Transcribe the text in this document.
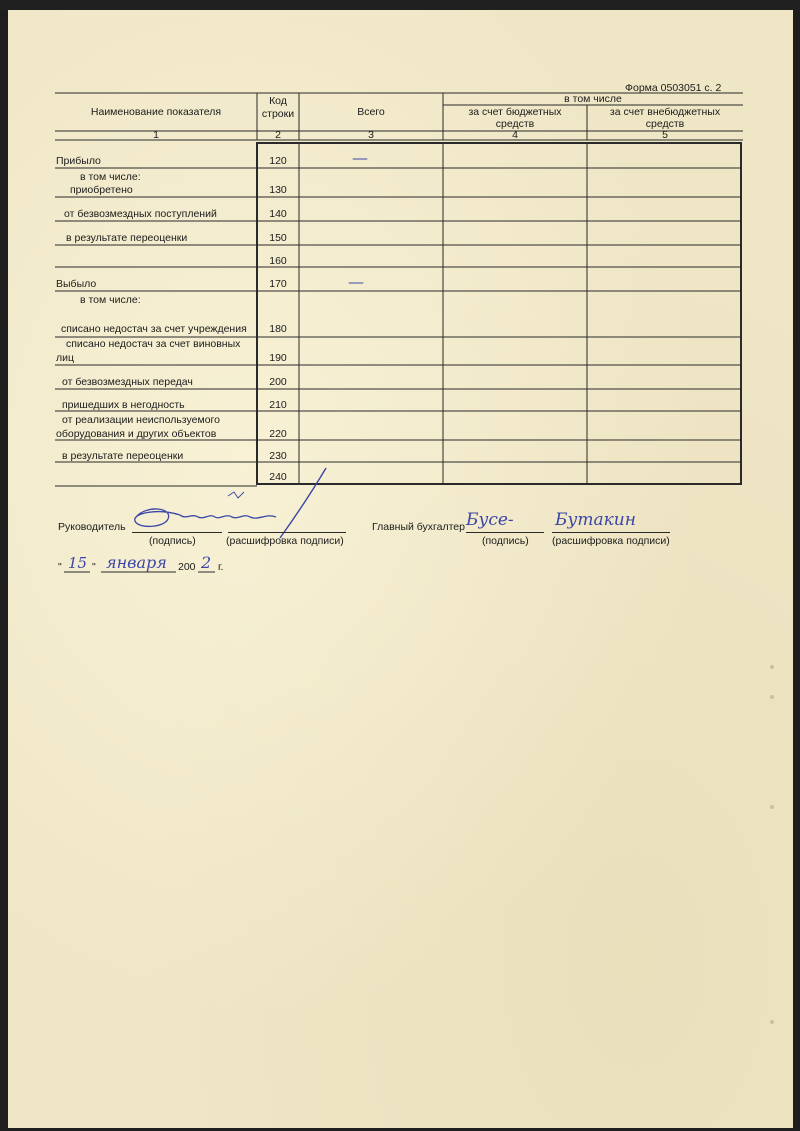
Форма 0503051 с. 2
Наименование показателя
Код
строки	Всего
в том числе
за счет бюджетных
средств
за счет внебюджетных
средств
1	2	3	4	5
Прибыло	120	—
в том числе:
приобретено	130
от безвозмездных поступлений	140
в результате переоценки	150
160
Выбыло	170	—
в том числе:
списано недостач за счет учреждения	180
списано недостач за счет виновных
лиц	190
от безвозмездных передач	200
пришедших в негодность	210
от реализации неиспользуемого
оборудования и других объектов	220
в результате переоценки	230
240
Руководитель
(подпись)	(расшифровка подписи)
Главный бухгалтер Бусе- Бутакин
(подпись) (расшифровка подписи)
" 15 " января 200 2 г.
